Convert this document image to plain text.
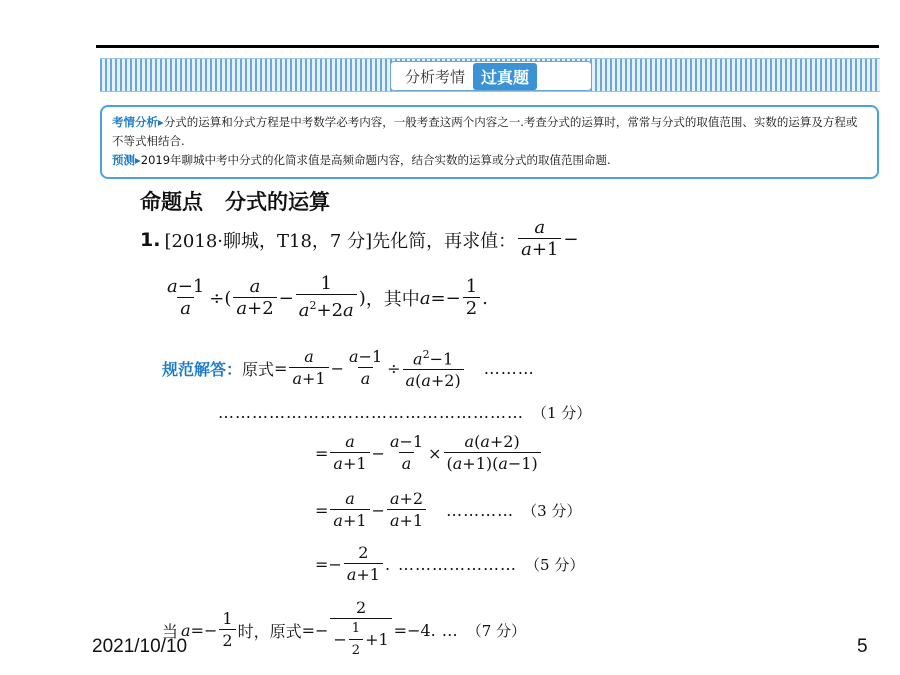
分析考情	过真题
考情分析▸分式的运算和分式方程是中考数学必考内容，一般考查这两个内容之一.考查分式的运算时，常常与分式的取值范围、实数的运算及方程或不等式相结合.
预测▸2019年聊城中考中分式的化简求值是高频命题内容，结合实数的运算或分式的取值范围命题.
命题点 分式的运算
1. [2018·聊城，T18，7 分]先化简，再求值： $\frac{a}{a+1}$ −
$\frac{a-1}{a}$ ÷( $\frac{a}{a+2} - \frac{1}{a^2+2a}$ ) ，其中 $a =- \frac{1}{2}$ .
规范解答： 原式 = $\frac{a}{a+1} - \frac{a-1}{a} \div \frac{a^2-1}{a(a+2)}$ ………
……………………………………………… （1 分）
= $\frac{a}{a+1} - \frac{a-1}{a} \times \frac{a(a+2)}{(a+1)(a-1)}$
= $\frac{a}{a+1} - \frac{a+2}{a+1}$ ………… （3 分）
=− $\frac{2}{a+1}$ . ………………… （5 分）
当 $a =- \frac{1}{2}$ 时，原式 =− $\frac{2}{- \frac{1}{2} +1} = -4$. … （7 分）
2021/10/10	5
